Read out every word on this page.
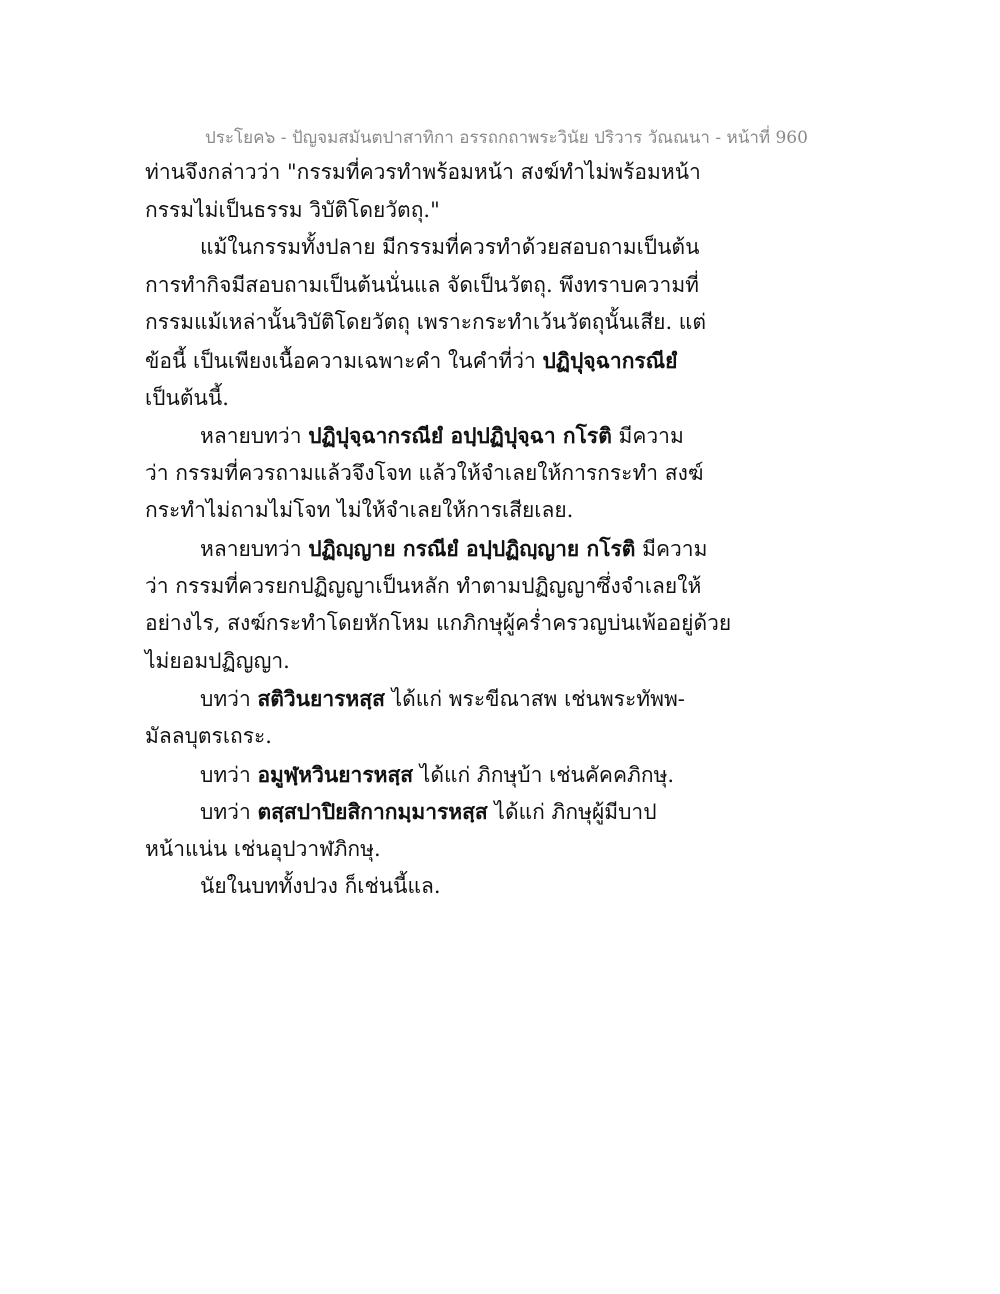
ประโยค๖ - ปัญจมสมันตปาสาทิกา อรรถกถาพระวินัย ปริวาร วัณณนา - หน้าที่ 960
ท่านจึงกล่าวว่า "กรรมที่ควรทำพร้อมหน้า สงฆ์ทำไม่พร้อมหน้า
กรรมไม่เป็นธรรม วิบัติโดยวัตถุ."
แม้ในกรรมทั้งปลาย มีกรรมที่ควรทำด้วยสอบถามเป็นต้น
การทำกิจมีสอบถามเป็นต้นนั่นแล จัดเป็นวัตถุ. พึงทราบความที่
กรรมแม้เหล่านั้นวิบัติโดยวัตถุ เพราะกระทำเว้นวัตถุนั้นเสีย. แต่
ข้อนี้ เป็นเพียงเนื้อความเฉพาะคำ ในคำที่ว่า ปฏิปุจฺฉากรณียํ
เป็นต้นนี้.
หลายบทว่า ปฏิปุจฺฉากรณียํ อปฺปฏิปุจฺฉา กโรติ มีความ
ว่า กรรมที่ควรถามแล้วจึงโจท แล้วให้จำเลยให้การกระทำ สงฆ์
กระทำไม่ถามไม่โจท ไม่ให้จำเลยให้การเสียเลย.
หลายบทว่า ปฏิญฺญาย กรณียํ อปฺปฏิญฺญาย กโรติ มีความ
ว่า กรรมที่ควรยกปฏิญญาเป็นหลัก ทำตามปฏิญญาซึ่งจำเลยให้
อย่างไร, สงฆ์กระทำโดยหักโหม แกภิกษุผู้คร่ำครวญบ่นเพ้ออยู่ด้วย
ไม่ยอมปฏิญญา.
บทว่า สติวินยารหสฺส ได้แก่ พระขีณาสพ เช่นพระทัพพ-
มัลลบุตรเถระ.
บทว่า อมูฬฺหวินยารหสฺส ได้แก่ ภิกษุบ้า เช่นคัคคภิกษุ.
บทว่า ตสฺสปาปิยสิกากมฺมารหสฺส ได้แก่ ภิกษุผู้มีบาป
หน้าแน่น เช่นอุปวาฬภิกษุ.
นัยในบททั้งปวง ก็เช่นนี้แล.
